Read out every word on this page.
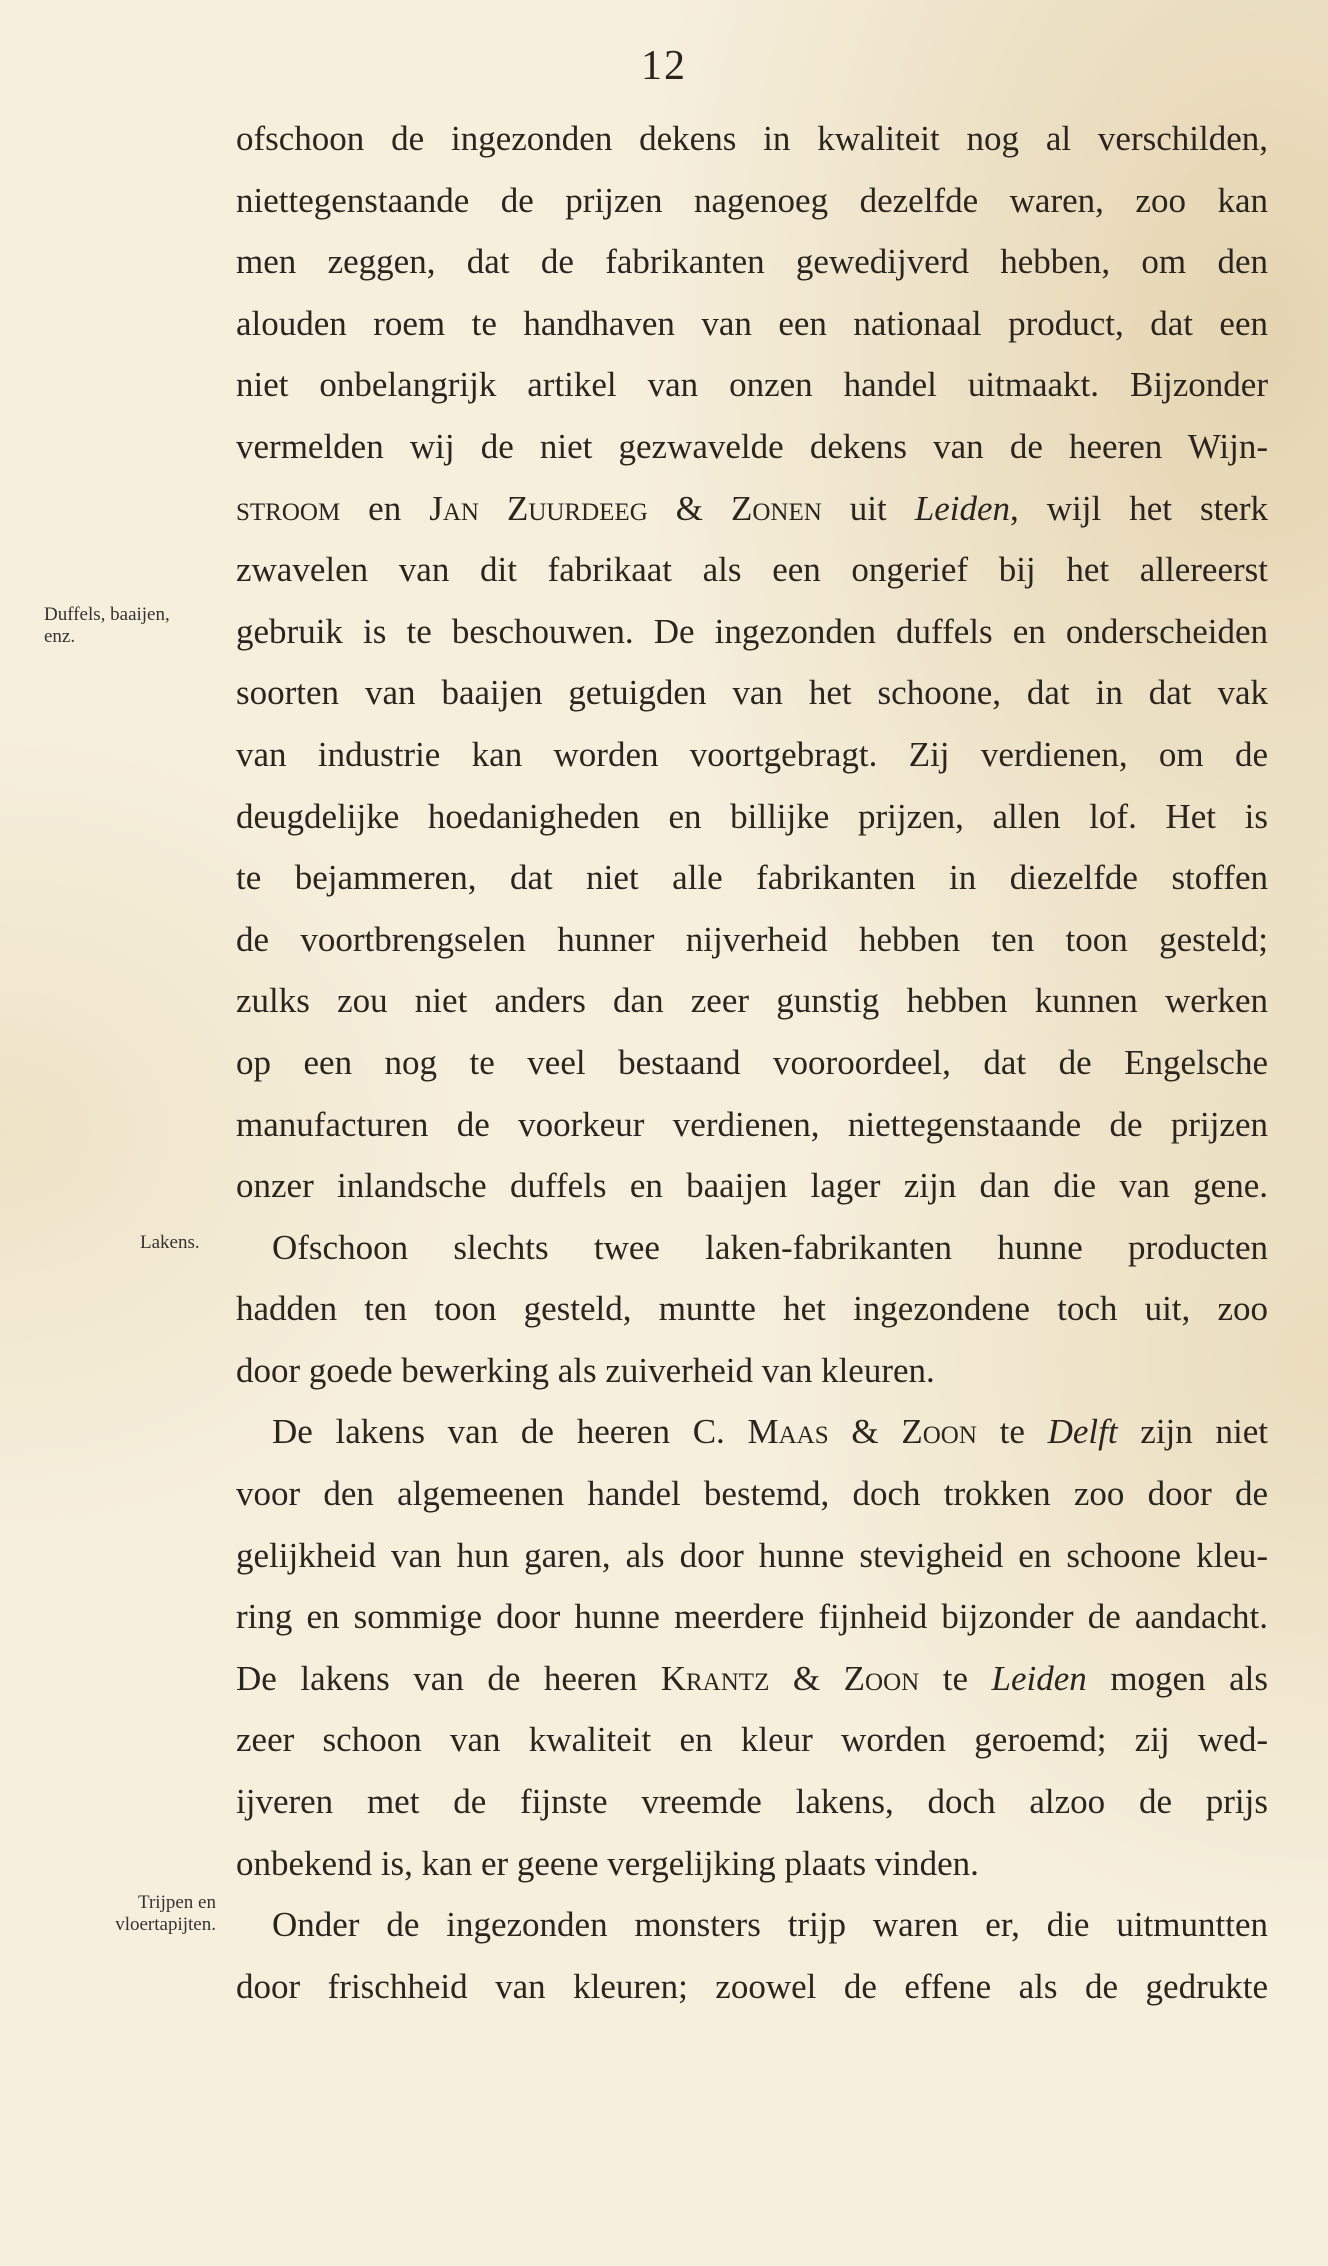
12
Duffels, baaijen,
enz.
Lakens.
Trijpen en
vloertapijten.
ofschoon de ingezonden dekens in kwaliteit nog al verschilden,
niettegenstaande de prijzen nagenoeg dezelfde waren, zoo kan
men zeggen, dat de fabrikanten gewedijverd hebben, om den
alouden roem te handhaven van een nationaal product, dat een
niet onbelangrijk artikel van onzen handel uitmaakt. Bijzonder
vermelden wij de niet gezwavelde dekens van de heeren Wijn-
stroom en Jan Zuurdeeg & Zonen uit Leiden, wijl het sterk
zwavelen van dit fabrikaat als een ongerief bij het allereerst
gebruik is te beschouwen. De ingezonden duffels en onderscheiden
soorten van baaijen getuigden van het schoone, dat in dat vak
van industrie kan worden voortgebragt. Zij verdienen, om de
deugdelijke hoedanigheden en billijke prijzen, allen lof. Het is
te bejammeren, dat niet alle fabrikanten in diezelfde stoffen
de voortbrengselen hunner nijverheid hebben ten toon gesteld;
zulks zou niet anders dan zeer gunstig hebben kunnen werken
op een nog te veel bestaand vooroordeel, dat de Engelsche
manufacturen de voorkeur verdienen, niettegenstaande de prijzen
onzer inlandsche duffels en baaijen lager zijn dan die van gene.
Ofschoon slechts twee laken-fabrikanten hunne producten
hadden ten toon gesteld, muntte het ingezondene toch uit, zoo
door goede bewerking als zuiverheid van kleuren.
De lakens van de heeren C. Maas & Zoon te Delft zijn niet
voor den algemeenen handel bestemd, doch trokken zoo door de
gelijkheid van hun garen, als door hunne stevigheid en schoone kleu-
ring en sommige door hunne meerdere fijnheid bijzonder de aandacht.
De lakens van de heeren Krantz & Zoon te Leiden mogen als
zeer schoon van kwaliteit en kleur worden geroemd; zij wed-
ijveren met de fijnste vreemde lakens, doch alzoo de prijs
onbekend is, kan er geene vergelijking plaats vinden.
Onder de ingezonden monsters trijp waren er, die uitmuntten
door frischheid van kleuren; zoowel de effene als de gedrukte
